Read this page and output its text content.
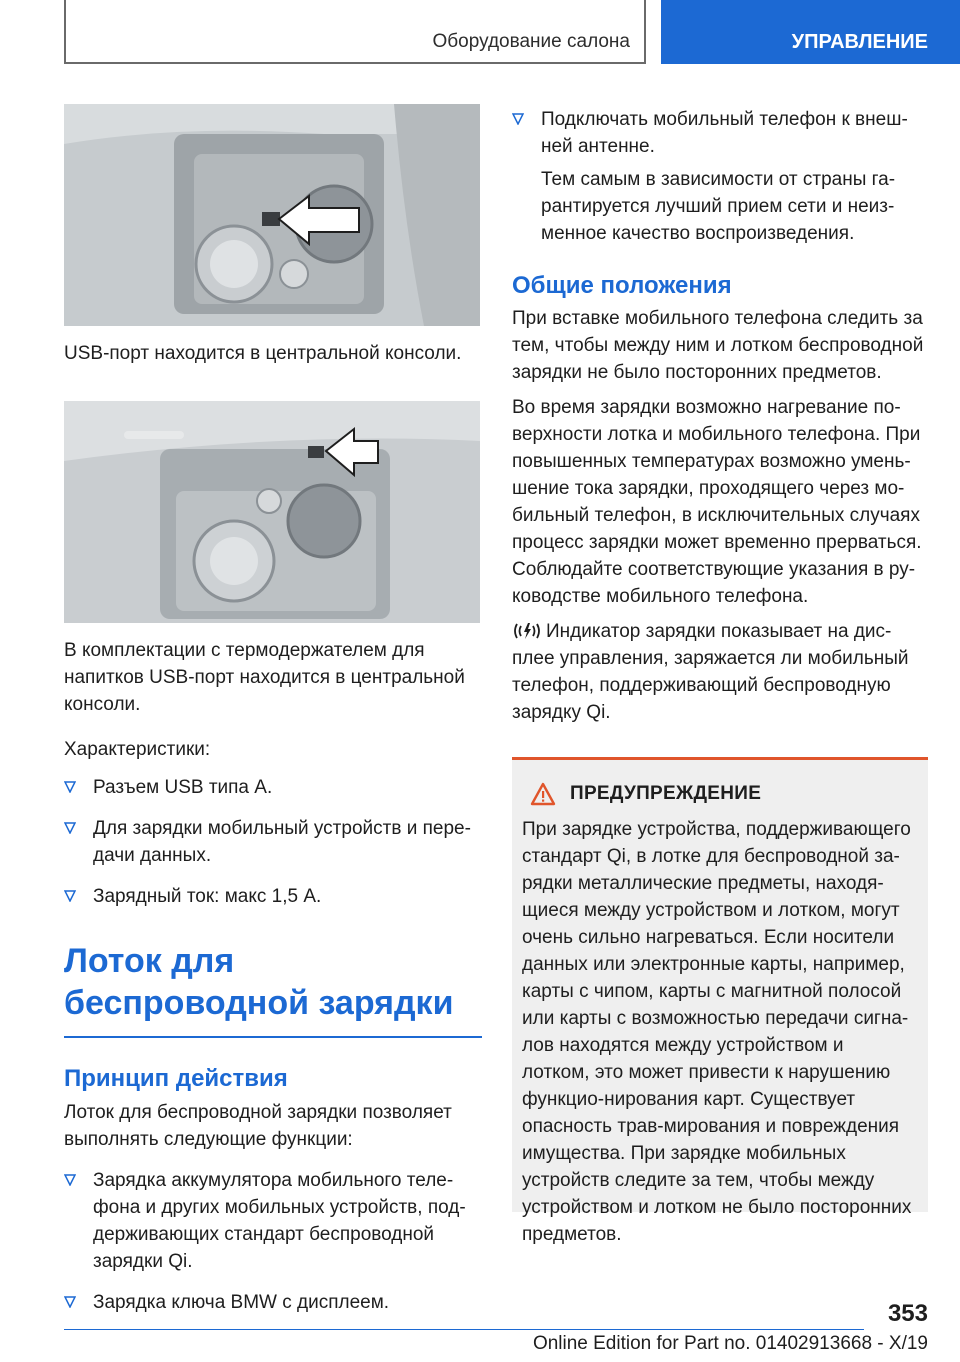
Оборудование салона	УПРАВЛЕНИЕ

USB-порт находится в центральной консоли.

В комплектации с термодержателем для напитков USB-порт находится в центральной консоли.

Характеристики:

Разъем USB типа A.
Для зарядки мобильный устройств и пере-дачи данных.
Зарядный ток: макс 1,5 A.
Лоток для беспроводной зарядки
Принцип действия

Лоток для беспроводной зарядки позволяет выполнять следующие функции:

Зарядка аккумулятора мобильного теле-фона и других мобильных устройств, под-держивающих стандарт беспроводной зарядки Qi.
Зарядка ключа BMW с дисплеем.
Подключать мобильный телефон к внеш-ней антенне.

Тем самым в зависимости от страны га-рантируется лучший прием сети и неиз-менное качество воспроизведения.

Общие положения

При вставке мобильного телефона следить за тем, чтобы между ним и лотком беспроводной зарядки не было посторонних предметов.

Во время зарядки возможно нагревание по-верхности лотка и мобильного телефона. При повышенных температурах возможно умень-шение тока зарядки, проходящего через мо-бильный телефон, в исключительных случаях процесс зарядки может временно прерваться. Соблюдайте соответствующие указания в ру-ководстве мобильного телефона.

Индикатор зарядки показывает на дис-плее управления, заряжается ли мобильный телефон, поддерживающий беспроводную зарядку Qi.

ПРЕДУПРЕЖДЕНИЕ

При зарядке устройства, поддерживающего стандарт Qi, в лотке для беспроводной за-рядки металлические предметы, находя-щиеся между устройством и лотком, могут очень сильно нагреваться. Если носители данных или электронные карты, например, карты с чипом, карты с магнитной полосой или карты с возможностью передачи сигна-лов находятся между устройством и лотком, это может привести к нарушению функцио-нирования карт. Существует опасность трав-мирования и повреждения имущества. При зарядке мобильных устройств следите за тем, чтобы между устройством и лотком не было посторонних предметов.

353
Online Edition for Part no. 01402913668 - X/19
